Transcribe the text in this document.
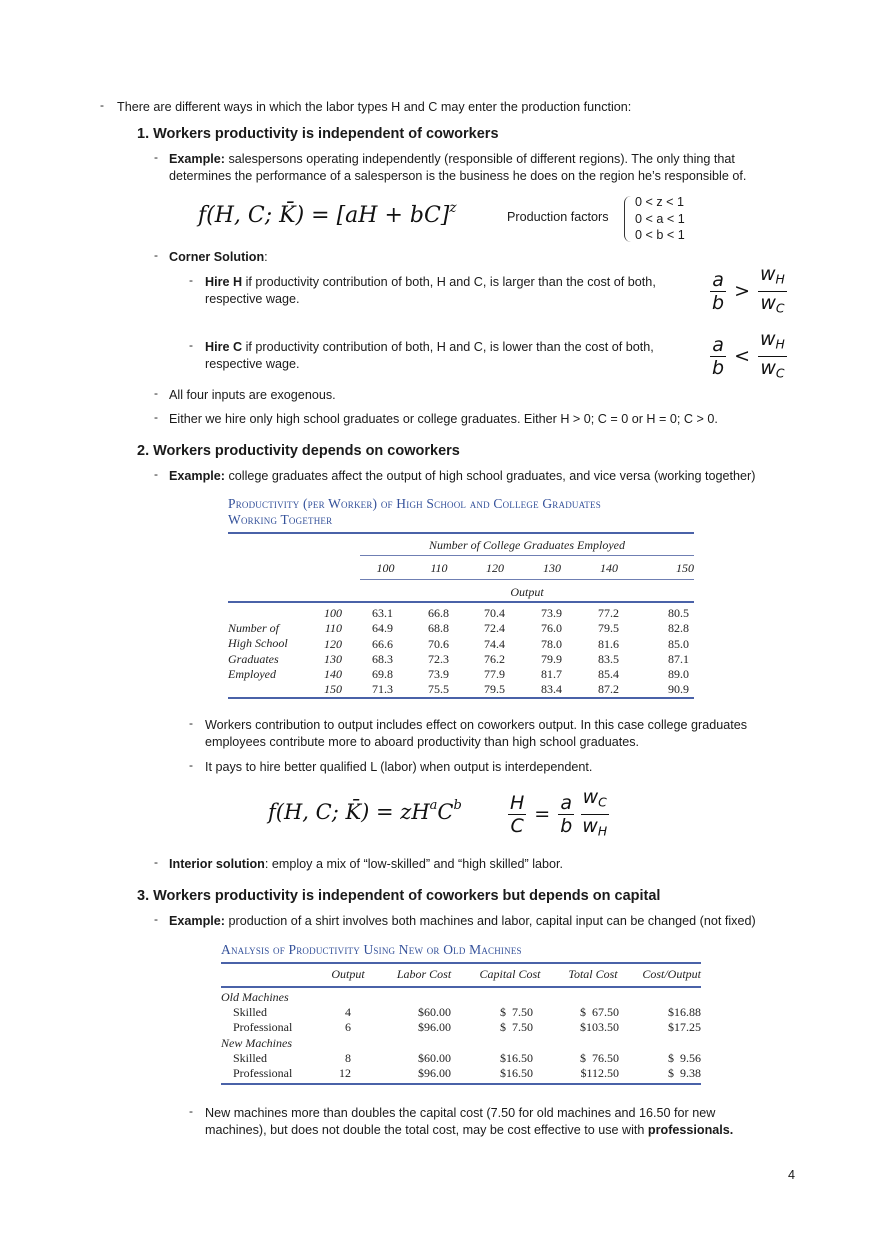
- There are different ways in which the labor types H and C may enter the production function:
1. Workers productivity is independent of coworkers
- Example: salespersons operating independently (responsible of different regions). The only thing that
determines the performance of a salesperson is the business he does on the region he’s responsible of.
f(H, C; K̄) = [aH + bC]$^z$
Production factors
0 < z < 1
0 < a < 1
0 < b < 1
- Corner Solution:
- Hire H if productivity contribution of both, H and C, is larger than the cost of both,
respective wage.	$\frac{a}{b} > \frac{w_H}{w_C}$
- Hire C if productivity contribution of both, H and C, is lower than the cost of both,
respective wage.	$\frac{a}{b} < \frac{w_H}{w_C}$
- All four inputs are exogenous.
- Either we hire only high school graduates or college graduates. Either H > 0; C = 0 or H = 0; C > 0.
2. Workers productivity depends on coworkers
- Example: college graduates affect the output of high school graduates, and vice versa (working together)
Productivity (per Worker) of High School and College Graduates
Working Together
Number of College Graduates Employed
100	110	120	130	140	150
Output
Number of
High School
Graduates
Employed
100	63.1	66.8	70.4	73.9	77.2	80.5
110	64.9	68.8	72.4	76.0	79.5	82.8
120	66.6	70.6	74.4	78.0	81.6	85.0
130	68.3	72.3	76.2	79.9	83.5	87.1
140	69.8	73.9	77.9	81.7	85.4	89.0
150	71.3	75.5	79.5	83.4	87.2	90.9
- Workers contribution to output includes effect on coworkers output. In this case college graduates
employees contribute more to aboard productivity than high school graduates.
- It pays to hire better qualified L (labor) when output is interdependent.
f(H, C; K̄) = $zH^aC^b \frac{H}{C} = \frac{a}{b} \frac{w_C}{w_H}$
- Interior solution: employ a mix of “low-skilled” and “high skilled” labor.
3. Workers productivity is independent of coworkers but depends on capital
- Example: production of a shirt involves both machines and labor, capital input can be changed (not fixed)
Analysis of Productivity Using New or Old Machines
Output	Labor Cost	Capital Cost	Total Cost	Cost/Output
Old Machines
Skilled	4	$60.00	$  7.50	$  67.50	$16.88
Professional	6	$96.00	$  7.50	$103.50	$17.25
New Machines
Skilled	8	$60.00	$16.50	$  76.50	$  9.56
Professional	12	$96.00	$16.50	$112.50	$  9.38
- New machines more than doubles the capital cost (7.50 for old machines and 16.50 for new
machines), but does not double the total cost, may be cost effective to use with professionals.
4
